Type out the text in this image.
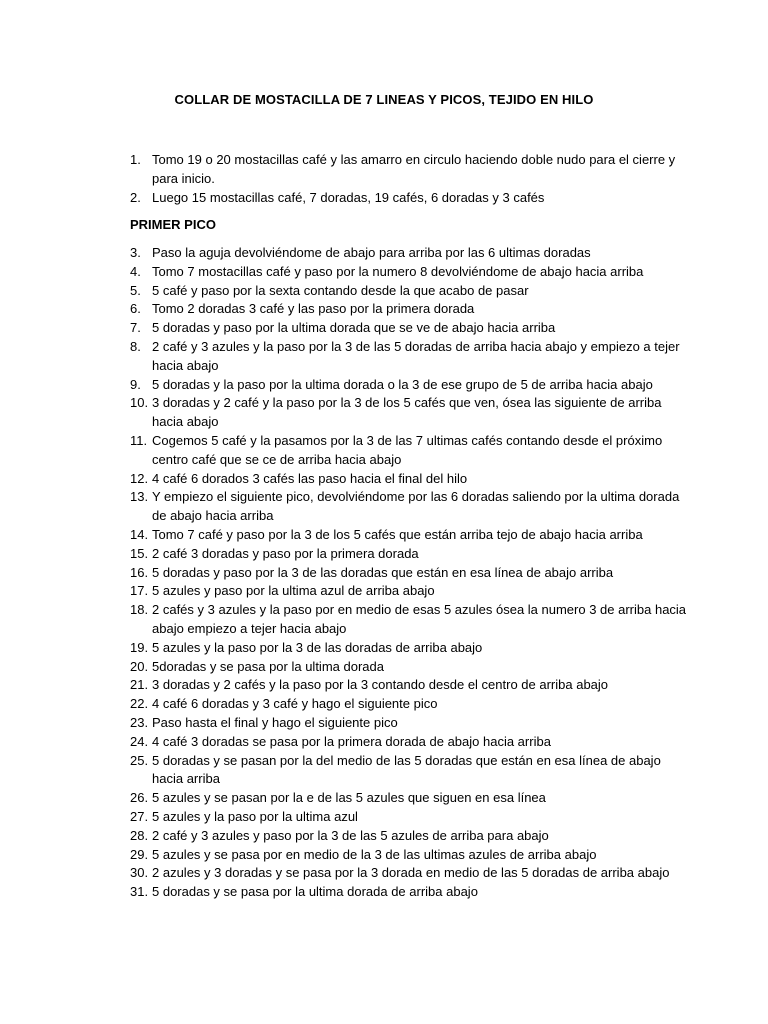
COLLAR DE MOSTACILLA DE 7 LINEAS Y PICOS, TEJIDO EN HILO
1. Tomo 19 o 20 mostacillas café y las amarro en circulo haciendo doble nudo para el cierre y para inicio.
2. Luego 15 mostacillas café, 7 doradas, 19 cafés, 6 doradas y 3 cafés
PRIMER PICO
3. Paso la aguja devolviéndome de abajo para arriba por las 6 ultimas doradas
4. Tomo 7 mostacillas café y paso por la numero 8 devolviéndome de abajo hacia arriba
5. 5 café y paso por la sexta contando desde la que acabo de pasar
6. Tomo 2 doradas 3 café y las paso por la primera dorada
7. 5 doradas y paso por la ultima dorada que se ve de abajo hacia arriba
8. 2 café y 3 azules y la paso por la 3 de las 5 doradas de arriba hacia abajo y empiezo a tejer hacia abajo
9. 5 doradas y la paso por la ultima dorada o la 3 de ese grupo de 5 de arriba hacia abajo
10. 3 doradas y 2 café y la paso por la 3 de los 5 cafés que ven, ósea las siguiente de arriba hacia abajo
11. Cogemos 5 café y la pasamos por la 3 de las 7 ultimas cafés contando desde el próximo centro café que se ce de arriba hacia abajo
12. 4 café 6 dorados 3 cafés las paso hacia el final del hilo
13. Y empiezo el siguiente pico, devolviéndome por las 6 doradas saliendo por la ultima dorada de abajo hacia arriba
14. Tomo 7 café y paso por la 3 de los 5 cafés que están arriba tejo de abajo hacia arriba
15. 2 café 3 doradas y paso por la primera dorada
16. 5 doradas y paso por la 3 de las doradas que están en esa línea de abajo arriba
17. 5 azules y paso por la ultima azul de arriba abajo
18. 2 cafés y 3 azules y la paso por en medio de esas 5 azules ósea la numero 3 de arriba hacia abajo empiezo a tejer hacia abajo
19. 5 azules y la paso por la 3 de las doradas de arriba abajo
20. 5doradas y se pasa por la ultima dorada
21. 3 doradas y 2 cafés y la paso por la 3 contando desde el centro de arriba abajo
22. 4 café 6 doradas y 3 café y hago el siguiente pico
23. Paso hasta el final y hago el siguiente pico
24. 4 café 3 doradas se pasa por la primera dorada de abajo hacia arriba
25. 5 doradas y se pasan por la del medio de las 5 doradas que están en esa línea de abajo hacia arriba
26. 5 azules y se pasan por la e de las 5 azules que siguen en esa línea
27. 5 azules y la paso por la ultima azul
28. 2 café y 3 azules y paso por la 3 de las 5 azules de arriba para abajo
29. 5 azules y se pasa por en medio de la 3 de las ultimas azules de arriba abajo
30. 2 azules y 3 doradas y se pasa por la 3 dorada en medio de las 5 doradas de arriba abajo
31. 5 doradas y se pasa por la ultima dorada de arriba abajo
